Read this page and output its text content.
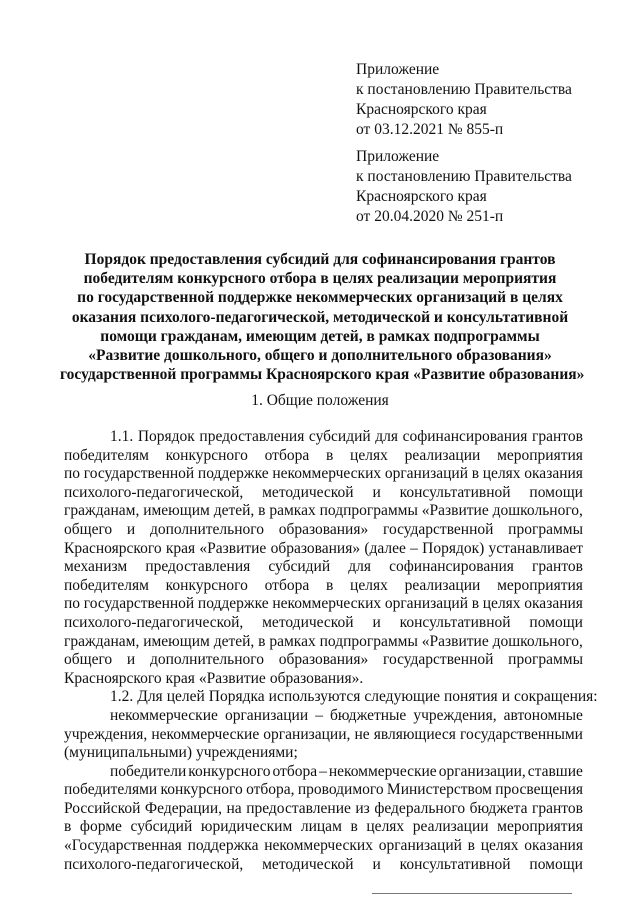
Приложение
к постановлению Правительства
Красноярского края
от 03.12.2021 № 855-п
Приложение
к постановлению Правительства
Красноярского края
от 20.04.2020 № 251-п
Порядок предоставления субсидий для софинансирования грантов
победителям конкурсного отбора в целях реализации мероприятия
по государственной поддержке некоммерческих организаций в целях
оказания психолого-педагогической, методической и консультативной
помощи гражданам, имеющим детей, в рамках подпрограммы
«Развитие дошкольного, общего и дополнительного образования»
государственной программы Красноярского края «Развитие образования»
1. Общие положения
1.1. Порядок предоставления субсидий для софинансирования грантов
победителям конкурсного отбора в целях реализации мероприятия
по государственной поддержке некоммерческих организаций в целях оказания
психолого-педагогической, методической и консультативной помощи
гражданам, имеющим детей, в рамках подпрограммы «Развитие дошкольного,
общего и дополнительного образования» государственной программы
Красноярского края «Развитие образования» (далее – Порядок) устанавливает
механизм предоставления субсидий для софинансирования грантов
победителям конкурсного отбора в целях реализации мероприятия
по государственной поддержке некоммерческих организаций в целях оказания
психолого-педагогической, методической и консультативной помощи
гражданам, имеющим детей, в рамках подпрограммы «Развитие дошкольного,
общего и дополнительного образования» государственной программы
Красноярского края «Развитие образования».
1.2. Для целей Порядка используются следующие понятия и сокращения:
некоммерческие организации – бюджетные учреждения, автономные
учреждения, некоммерческие организации, не являющиеся государственными
(муниципальными) учреждениями;
победители конкурсного отбора – некоммерческие организации, ставшие
победителями конкурсного отбора, проводимого Министерством просвещения
Российской Федерации, на предоставление из федерального бюджета грантов
в форме субсидий юридическим лицам в целях реализации мероприятия
«Государственная поддержка некоммерческих организаций в целях оказания
психолого-педагогической, методической и консультативной помощи
